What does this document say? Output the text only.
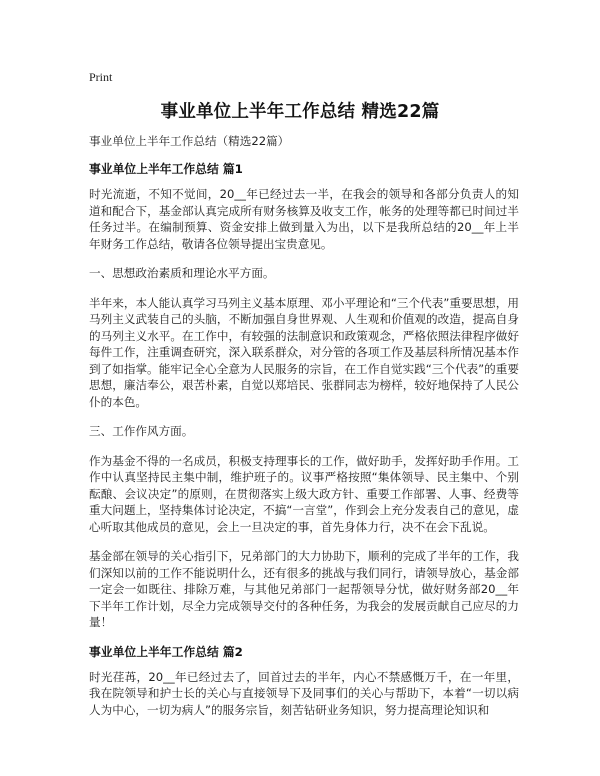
Print
事业单位上半年工作总结 精选22篇

事业单位上半年工作总结（精选22篇）

事业单位上半年工作总结 篇1

时光流逝，不知不觉间，20__年已经过去一半，在我会的领导和各部分负责人的知道和配合下，基金部认真完成所有财务核算及收支工作，帐务的处理等都已时间过半任务过半。在编制预算、资金安排上做到量入为出，以下是我所总结的20__年上半年财务工作总结，敬请各位领导提出宝贵意见。

一、思想政治素质和理论水平方面。

半年来，本人能认真学习马列主义基本原理、邓小平理论和“三个代表”重要思想，用马列主义武装自己的头脑，不断加强自身世界观、人生观和价值观的改造，提高自身的马列主义水平。在工作中，有较强的法制意识和政策观念，严格依照法律程序做好每件工作，注重调查研究，深入联系群众，对分管的各项工作及基层科所情况基本作到了如指掌。能牢记全心全意为人民服务的宗旨，在工作自觉实践“三个代表”的重要思想，廉洁奉公，艰苦朴素，自觉以郑培民、张群同志为榜样，较好地保持了人民公仆的本色。

三、工作作风方面。

作为基金不得的一名成员，积极支持理事长的工作，做好助手，发挥好助手作用。工作中认真坚持民主集中制，维护班子的。议事严格按照“集体领导、民主集中、个别酝酿、会议决定”的原则，在贯彻落实上级大政方针、重要工作部署、人事、经费等重大问题上，坚持集体讨论决定，不搞“一言堂”，作到会上充分发表自己的意见，虚心听取其他成员的意见，会上一旦决定的事，首先身体力行，决不在会下乱说。

基金部在领导的关心指引下，兄弟部门的大力协助下，顺利的完成了半年的工作，我们深知以前的工作不能说明什么，还有很多的挑战与我们同行，请领导放心，基金部一定会一如既往、排除万难，与其他兄弟部门一起帮领导分忧，做好财务部20__年下半年工作计划，尽全力完成领导交付的各种任务，为我会的发展贡献自己应尽的力量！

事业单位上半年工作总结 篇2

时光荏苒，20__年已经过去了，回首过去的半年，内心不禁感慨万千，在一年里，我在院领导和护士长的关心与直接领导下及同事们的关心与帮助下，本着“一切以病人为中心，一切为病人”的服务宗旨，刻苦钻研业务知识，努力提高理论知识和
